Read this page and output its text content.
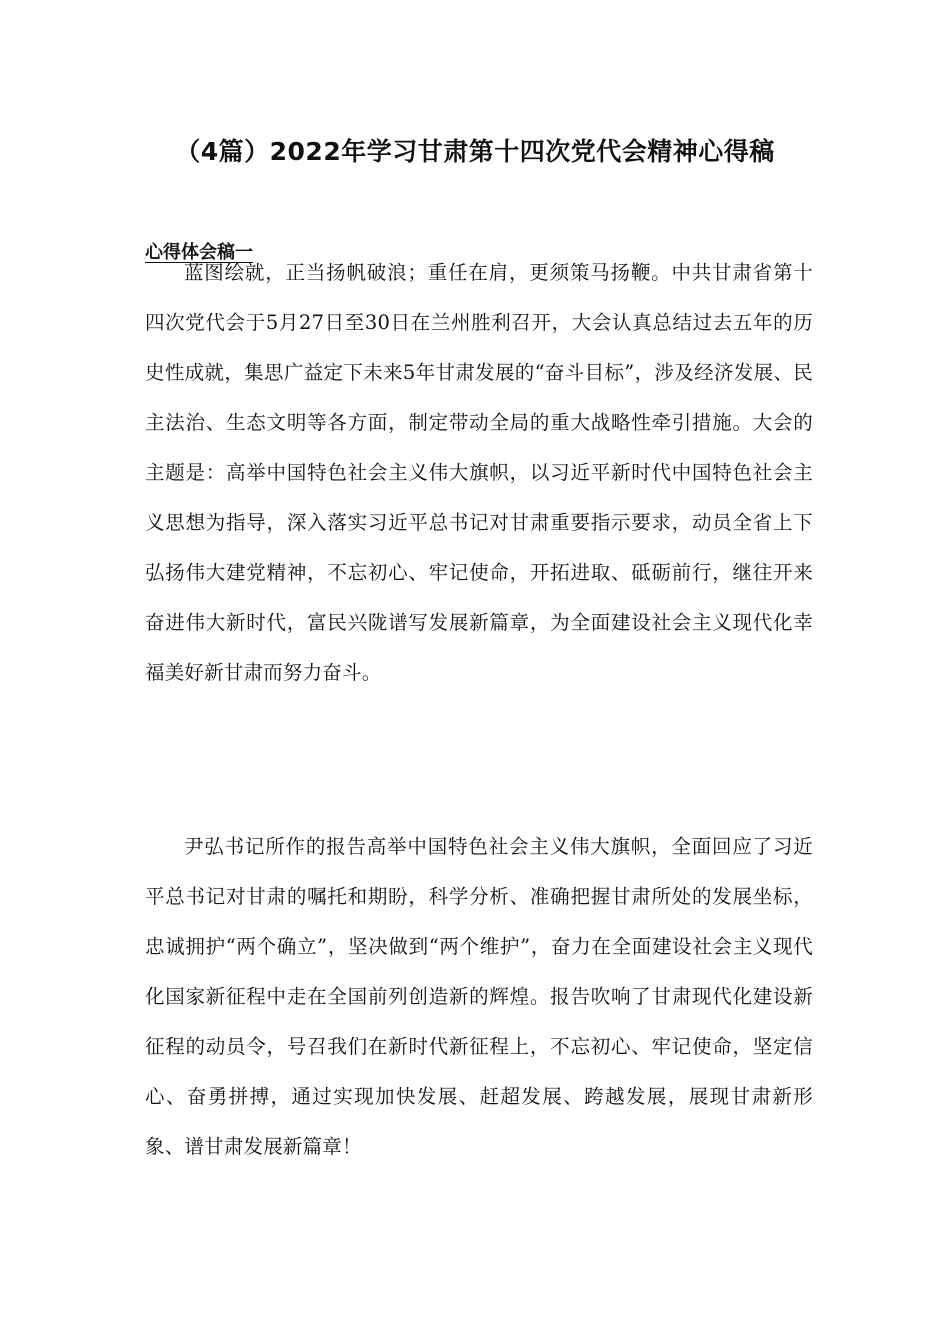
（4篇）2022年学习甘肃第十四次党代会精神心得稿
心得体会稿一

蓝图绘就，正当扬帆破浪；重任在肩，更须策马扬鞭。中共甘肃省第十四次党代会于5月27日至30日在兰州胜利召开，大会认真总结过去五年的历史性成就，集思广益定下未来5年甘肃发展的“奋斗目标”，涉及经济发展、民主法治、生态文明等各方面，制定带动全局的重大战略性牵引措施。大会的主题是：高举中国特色社会主义伟大旗帜，以习近平新时代中国特色社会主义思想为指导，深入落实习近平总书记对甘肃重要指示要求，动员全省上下弘扬伟大建党精神，不忘初心、牢记使命，开拓进取、砥砺前行，继往开来奋进伟大新时代，富民兴陇谱写发展新篇章，为全面建设社会主义现代化幸福美好新甘肃而努力奋斗。

尹弘书记所作的报告高举中国特色社会主义伟大旗帜，全面回应了习近平总书记对甘肃的嘱托和期盼，科学分析、准确把握甘肃所处的发展坐标，忠诚拥护“两个确立”，坚决做到“两个维护”，奋力在全面建设社会主义现代化国家新征程中走在全国前列创造新的辉煌。报告吹响了甘肃现代化建设新征程的动员令，号召我们在新时代新征程上，不忘初心、牢记使命，坚定信心、奋勇拼搏，通过实现加快发展、赶超发展、跨越发展，展现甘肃新形象、谱甘肃发展新篇章！
